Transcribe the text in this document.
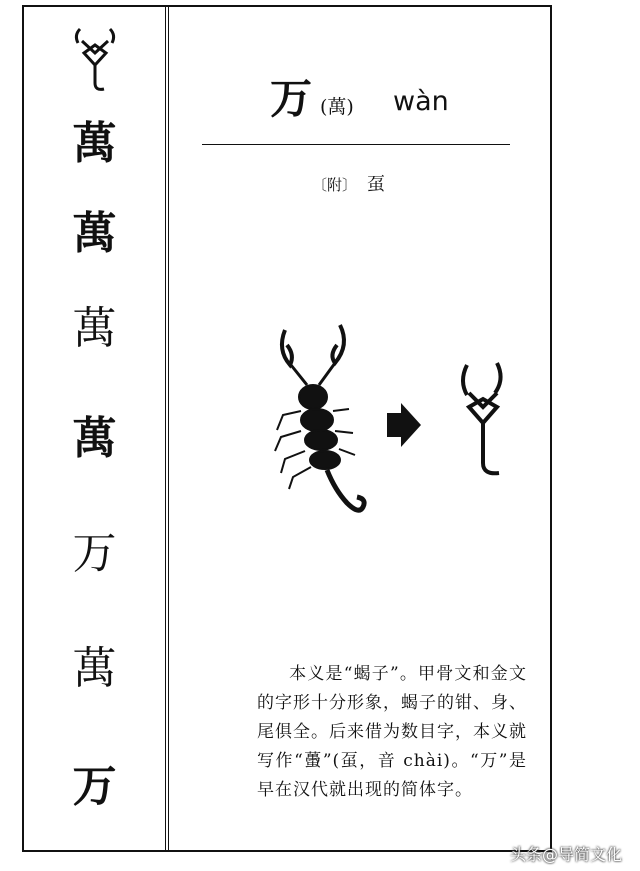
萬
萬
萬
萬
万
萬
万
万 (萬) wàn
〔附〕 虿
本义是“蝎子”。甲骨文和金文的字形十分形象，蝎子的钳、身、尾俱全。后来借为数目字，本义就写作“蠆”(虿，音 chài)。“万”是早在汉代就出现的简体字。
头条@导简文化
